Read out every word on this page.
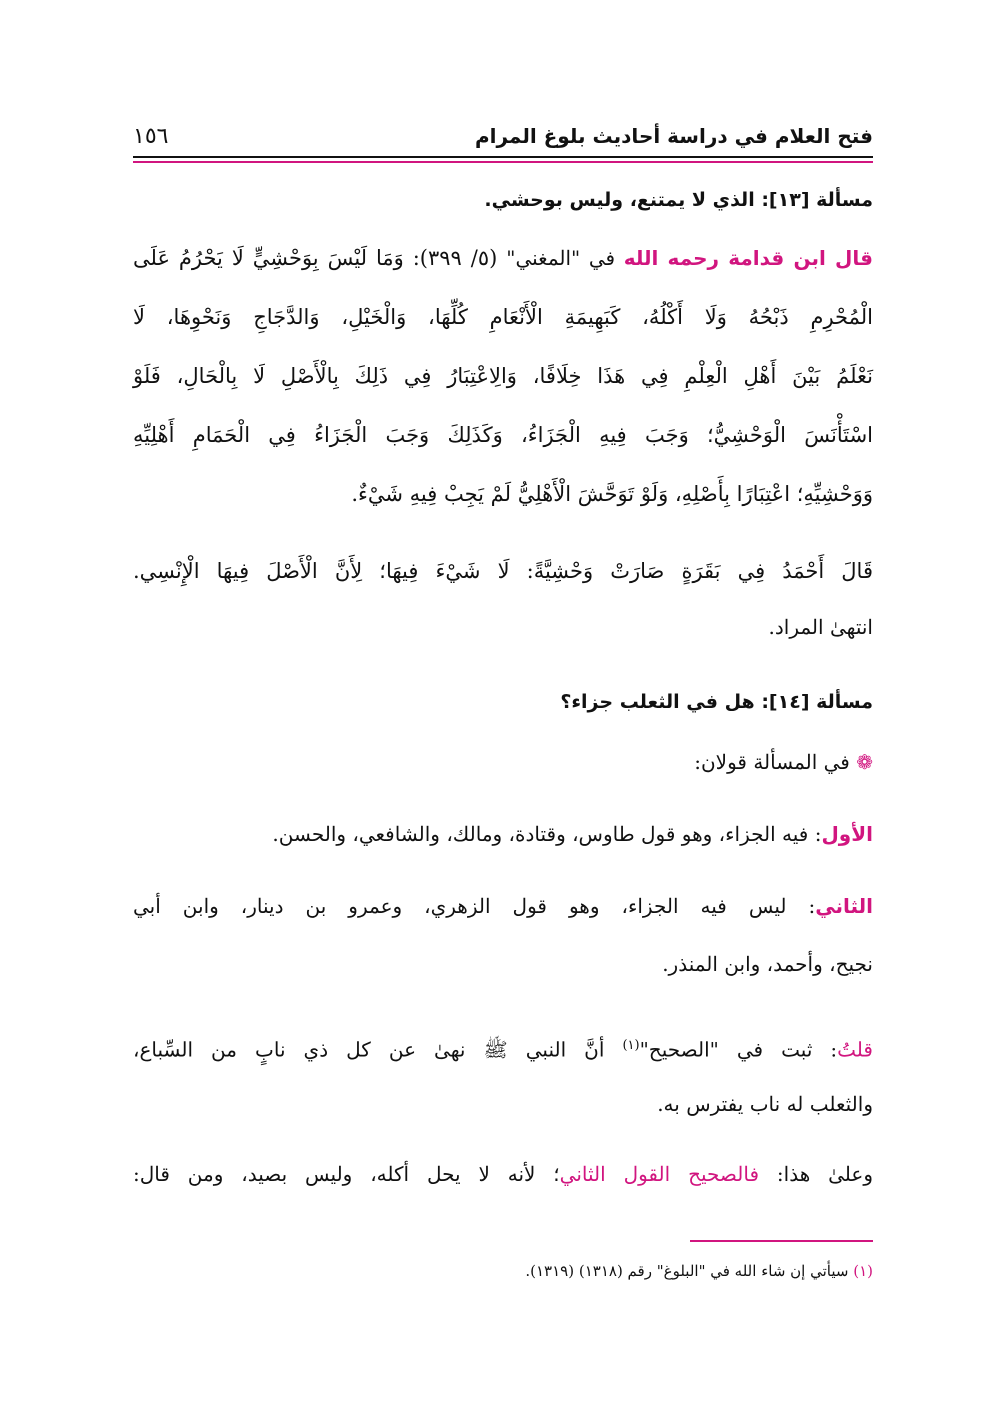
١٥٦	فتح العلام في دراسة أحاديث بلوغ المرام
مسألة [١٣]: الذي لا يمتنع، وليس بوحشي.
قال ابن قدامة رحمه الله في "المغني" (٥/ ٣٩٩): وَمَا لَيْسَ بِوَحْشِيٍّ لَا يَحْرُمُ عَلَى
الْمُحْرِمِ ذَبْحُهُ وَلَا أَكْلُهُ، كَبَهِيمَةِ الْأَنْعَامِ كُلِّهَا، وَالْخَيْلِ، وَالدَّجَاجِ وَنَحْوِهَا، لَا
نَعْلَمُ بَيْنَ أَهْلِ الْعِلْمِ فِي هَذَا خِلَافًا، وَالِاعْتِبَارُ فِي ذَلِكَ بِالْأَصْلِ لَا بِالْحَالِ، فَلَوْ
اسْتَأْنَسَ الْوَحْشِيُّ؛ وَجَبَ فِيهِ الْجَزَاءُ، وَكَذَلِكَ وَجَبَ الْجَزَاءُ فِي الْحَمَامِ أَهْلِيِّهِ
وَوَحْشِيِّهِ؛ اعْتِبَارًا بِأَصْلِهِ، وَلَوْ تَوَحَّشَ الْأَهْلِيُّ لَمْ يَجِبْ فِيهِ شَيْءٌ.
قَالَ أَحْمَدُ فِي بَقَرَةٍ صَارَتْ وَحْشِيَّةً: لَا شَيْءَ فِيهَا؛ لِأَنَّ الْأَصْلَ فِيهَا الْإِنْسِي.
انتهىٰ المراد.
مسألة [١٤]: هل في الثعلب جزاء؟
❁ في المسألة قولان:
الأول: فيه الجزاء، وهو قول طاوس، وقتادة، ومالك، والشافعي، والحسن.
الثاني: ليس فيه الجزاء، وهو قول الزهري، وعمرو بن دينار، وابن أبي
نجيح، وأحمد، وابن المنذر.
قلتُ: ثبت في "الصحيح"$^{(١)}$ أنَّ النبي ﷺ نهىٰ عن كل ذي نابٍ من السِّباع،
والثعلب له ناب يفترس به.
وعلىٰ هذا: فالصحيح القول الثاني؛ لأنه لا يحل أكله، وليس بصيد، ومن قال:
(١) سيأتي إن شاء الله في "البلوغ" رقم (١٣١٨) (١٣١٩).
